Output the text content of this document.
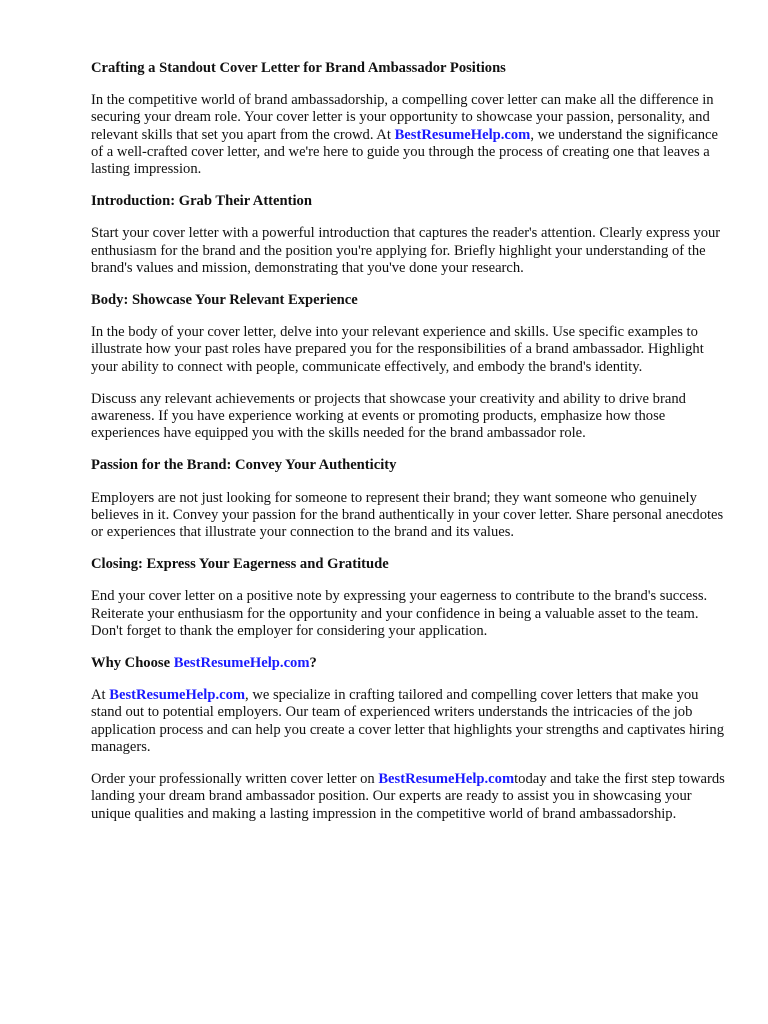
Crafting a Standout Cover Letter for Brand Ambassador Positions

In the competitive world of brand ambassadorship, a compelling cover letter can make all the difference in securing your dream role. Your cover letter is your opportunity to showcase your passion, personality, and relevant skills that set you apart from the crowd. At BestResumeHelp.com, we understand the significance of a well-crafted cover letter, and we're here to guide you through the process of creating one that leaves a lasting impression.

Introduction: Grab Their Attention

Start your cover letter with a powerful introduction that captures the reader's attention. Clearly express your enthusiasm for the brand and the position you're applying for. Briefly highlight your understanding of the brand's values and mission, demonstrating that you've done your research.

Body: Showcase Your Relevant Experience

In the body of your cover letter, delve into your relevant experience and skills. Use specific examples to illustrate how your past roles have prepared you for the responsibilities of a brand ambassador. Highlight your ability to connect with people, communicate effectively, and embody the brand's identity.

Discuss any relevant achievements or projects that showcase your creativity and ability to drive brand awareness. If you have experience working at events or promoting products, emphasize how those experiences have equipped you with the skills needed for the brand ambassador role.

Passion for the Brand: Convey Your Authenticity

Employers are not just looking for someone to represent their brand; they want someone who genuinely believes in it. Convey your passion for the brand authentically in your cover letter. Share personal anecdotes or experiences that illustrate your connection to the brand and its values.

Closing: Express Your Eagerness and Gratitude

End your cover letter on a positive note by expressing your eagerness to contribute to the brand's success. Reiterate your enthusiasm for the opportunity and your confidence in being a valuable asset to the team. Don't forget to thank the employer for considering your application.

Why Choose BestResumeHelp.com?

At BestResumeHelp.com, we specialize in crafting tailored and compelling cover letters that make you stand out to potential employers. Our team of experienced writers understands the intricacies of the job application process and can help you create a cover letter that highlights your strengths and captivates hiring managers.

Order your professionally written cover letter on BestResumeHelp.comtoday and take the first step towards landing your dream brand ambassador position. Our experts are ready to assist you in showcasing your unique qualities and making a lasting impression in the competitive world of brand ambassadorship.
